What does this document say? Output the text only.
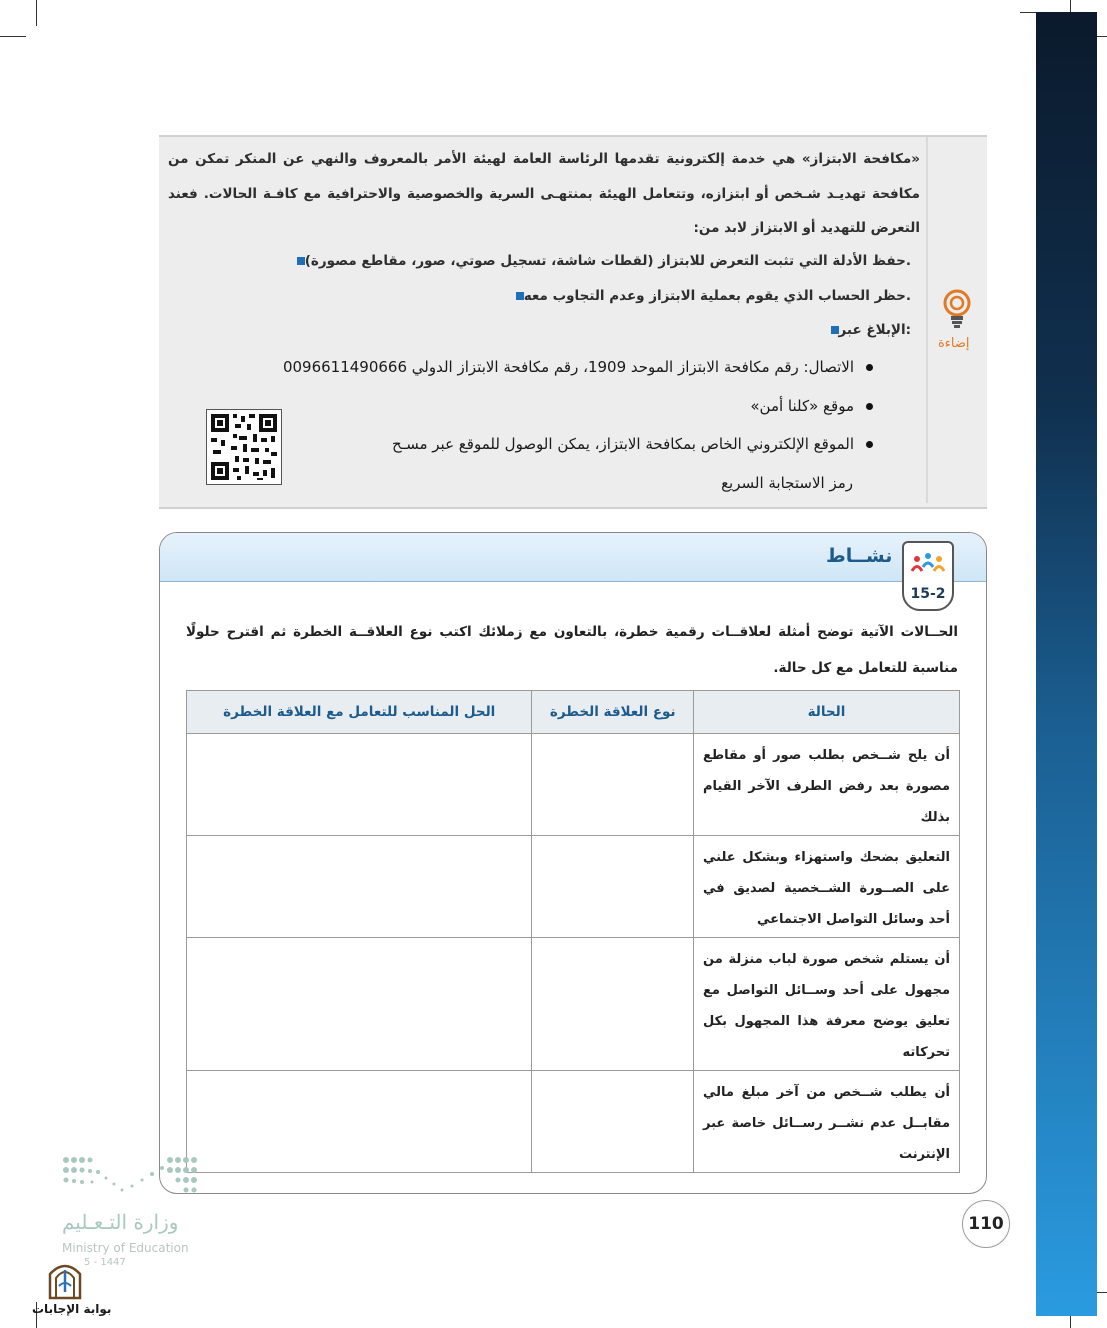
إضاءة
«مكافحة الابتزاز» هي خدمة إلكترونية تقدمها الرئاسة العامة لهيئة الأمر بالمعروف والنهي عن المنكر تمكن من مكافحة تهديـد شـخص أو ابتزازه، وتتعامل الهيئة بمنتهـى السرية والخصوصية والاحترافية مع كافـة الحالات. فعند التعرض للتهديد أو الابتزاز لابد من:
حفظ الأدلة التي تثبت التعرض للابتزاز (لقطات شاشة، تسجيل صوتي، صور، مقاطع مصورة).
حظر الحساب الذي يقوم بعملية الابتزاز وعدم التجاوب معه.
الإبلاغ عبر:
الاتصال: رقم مكافحة الابتزاز الموحد 1909، رقم مكافحة الابتزاز الدولي 0096611490666
موقع «كلنا أمن»
الموقع الإلكتروني الخاص بمكافحة الابتزاز، يمكن الوصول للموقع عبر مسـح
رمز الاستجابة السريع
نشــاط
15-2
الحــالات الآتية توضح أمثلة لعلاقــات رقمية خطرة، بالتعاون مع زملائك اكتب نوع العلاقــة الخطرة ثم اقترح حلولًا مناسبة للتعامل مع كل حالة.
الحالة	نوع العلاقة الخطرة	الحل المناسب للتعامل مع العلاقة الخطرة
أن يلح شــخص بطلب صور أو مقاطع مصورة بعد رفض الطرف الآخر القيام بذلك		
التعليق بضحك واستهزاء وبشكل علني على الصــورة الشــخصية لصديق في أحد وسائل التواصل الاجتماعي		
أن يستلم شخص صورة لباب منزلة من مجهول على أحد وســائل التواصل مع تعليق يوضح معرفة هذا المجهول بكل تحركاته		
أن يطلب شــخص من آخر مبلغ مالي مقابــل عدم نشــر رســائل خاصة عبر الإنترنت		
110
وزارة التـعـليم
Ministry of Education
5 - 1447
بوابة الإجابات
